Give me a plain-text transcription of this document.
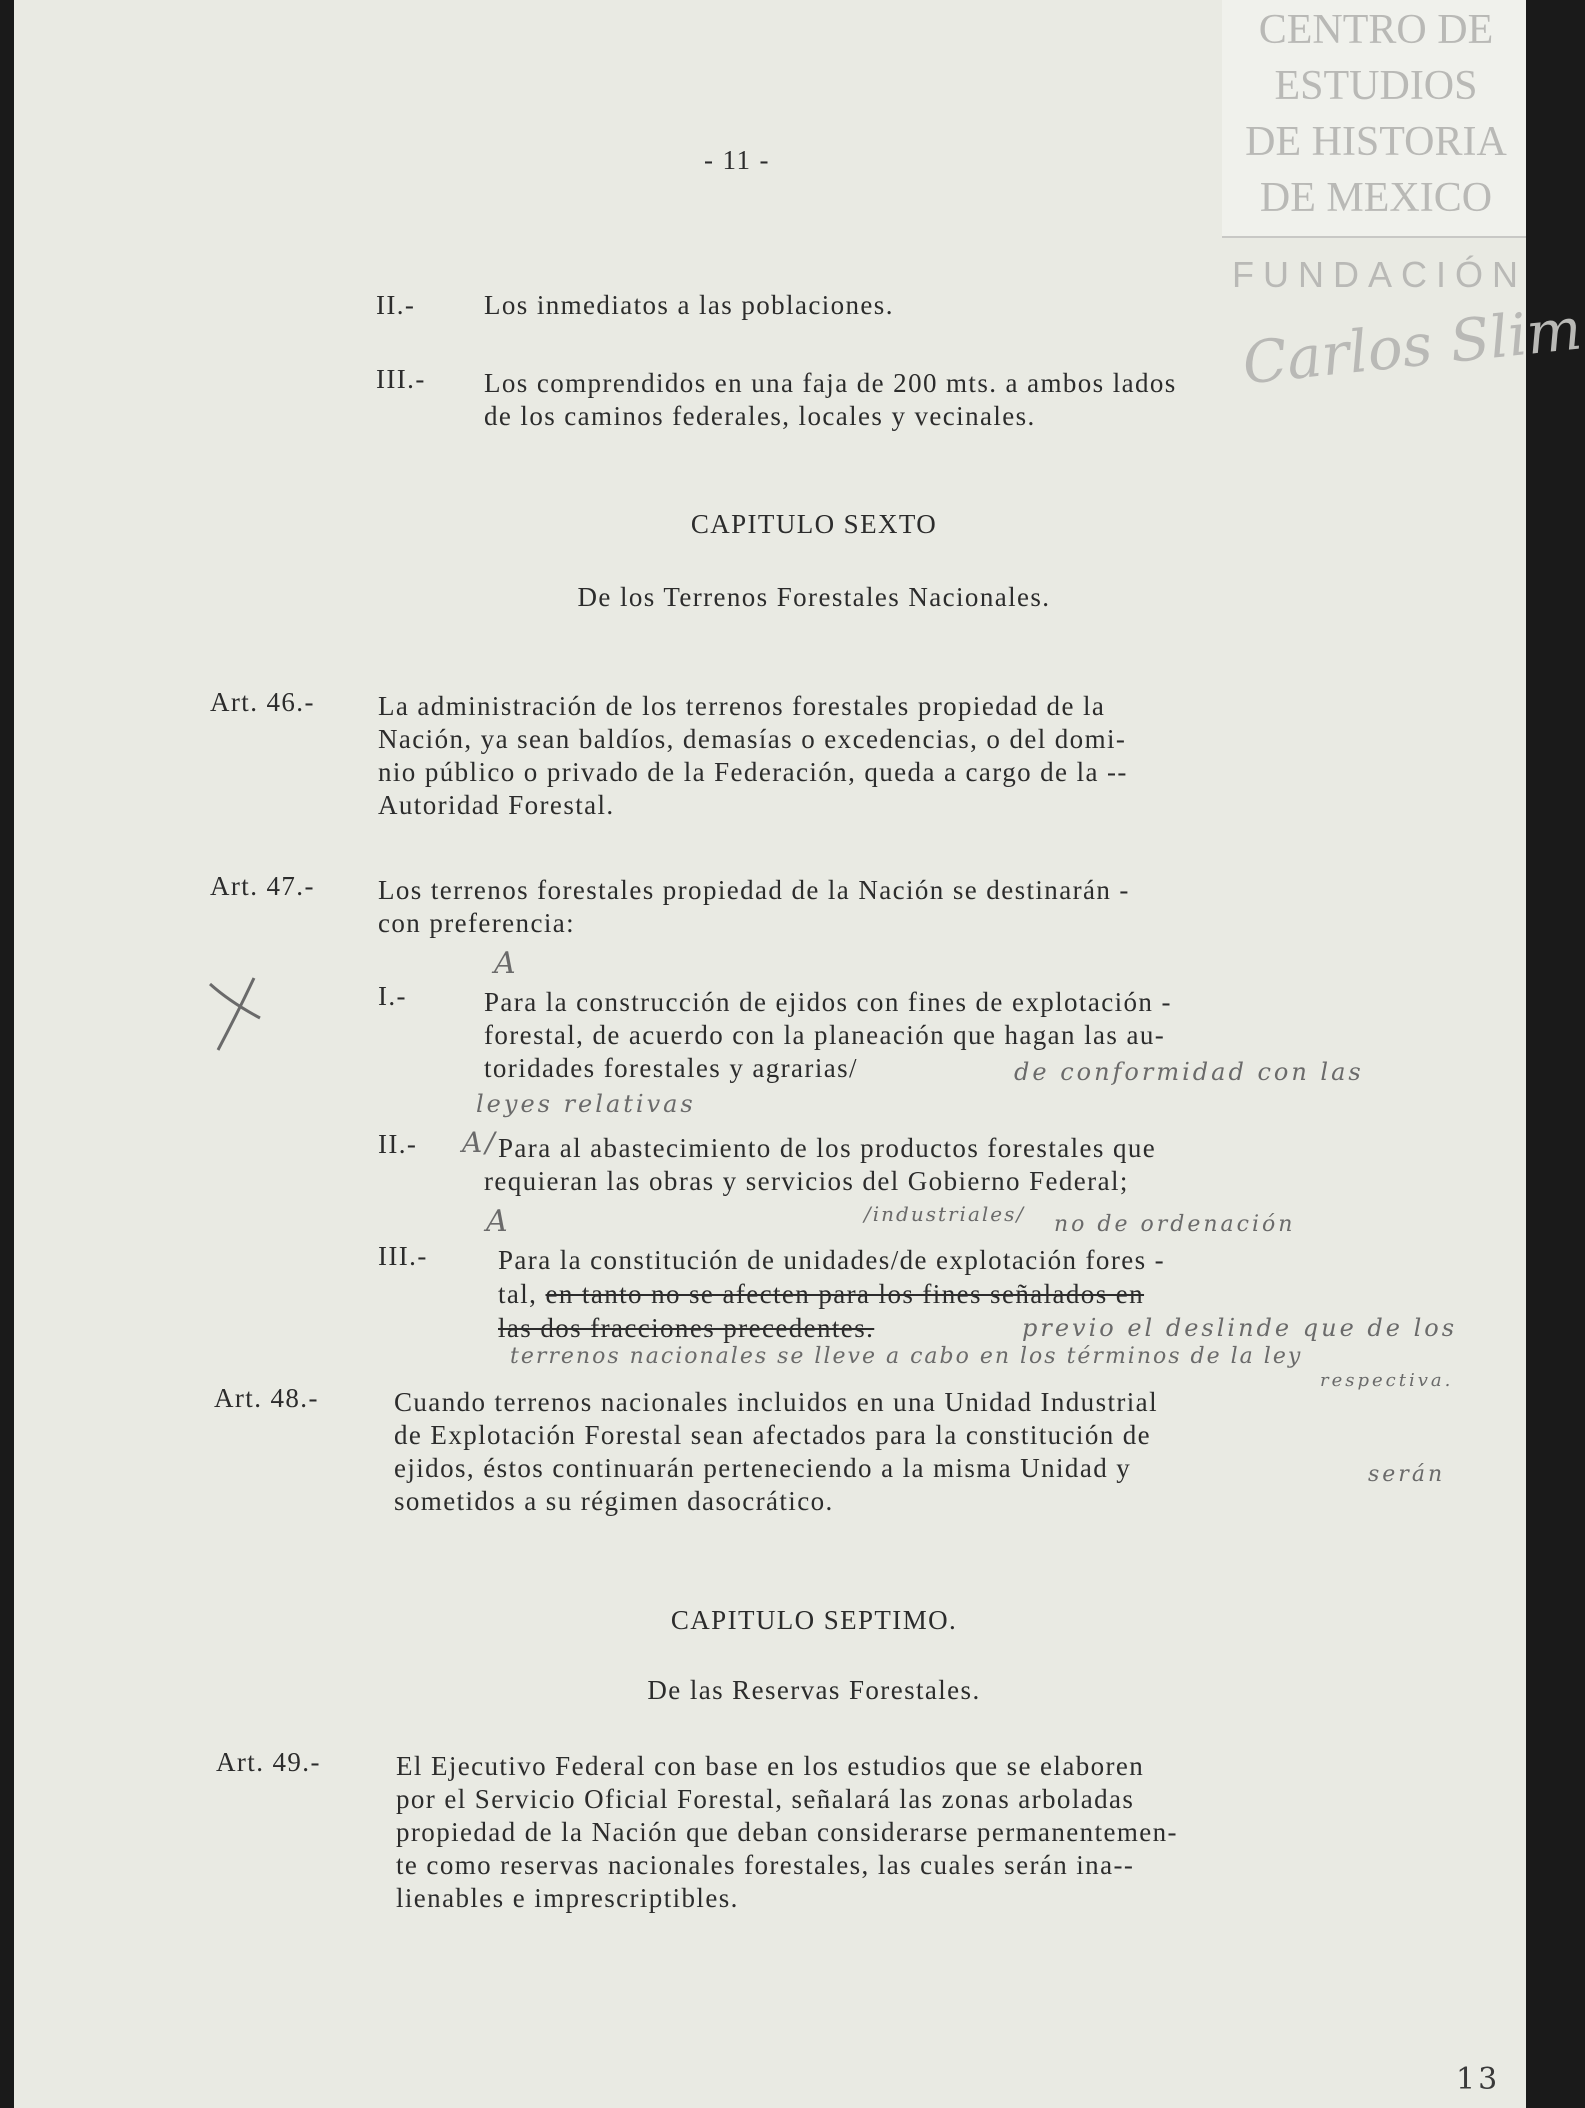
CENTRO DE
ESTUDIOS
DE HISTORIA
DE MEXICO
FUNDACIÓN
Carlos Slim
- 11 -
II.-	Los inmediatos a las poblaciones.
III.- Los comprendidos en una faja de 200 mts. a ambos lados
de los caminos federales, locales y vecinales.
CAPITULO SEXTO
De los Terrenos Forestales Nacionales.
Art. 46.- La administración de los terrenos forestales propiedad de la
Nación, ya sean baldíos, demasías o excedencias, o del domi-
nio público o privado de la Federación, queda a cargo de la --
Autoridad Forestal.
Art. 47.- Los terrenos forestales propiedad de la Nación se destinarán -
con preferencia:
I.-
A
Para la construcción de ejidos con fines de explotación -
forestal, de acuerdo con la planeación que hagan las au-
toridades forestales y agrarias/	de conformidad con las
leyes relativas
II.- A/ Para al abastecimiento de los productos forestales que
requieran las obras y servicios del Gobierno Federal;
A	/industriales/ no de ordenación
III.-	Para la constitución de unidades/de explotación fores -
tal, en tanto no se afecten para los fines señalados en
las dos fracciones precedentes.	previo el deslinde que de los
terrenos nacionales se lleve a cabo en los términos de la ley
respectiva.
Art. 48.-	Cuando terrenos nacionales incluidos en una Unidad Industrial
de Explotación Forestal sean afectados para la constitución de
ejidos, éstos continuarán perteneciendo a la misma Unidad y
sometidos a su régimen dasocrático.
serán
CAPITULO SEPTIMO.
De las Reservas Forestales.
Art. 49.-	El Ejecutivo Federal con base en los estudios que se elaboren
por el Servicio Oficial Forestal, señalará las zonas arboladas
propiedad de la Nación que deban considerarse permanentemen-
te como reservas nacionales forestales, las cuales serán ina--
lienables e imprescriptibles.
13
